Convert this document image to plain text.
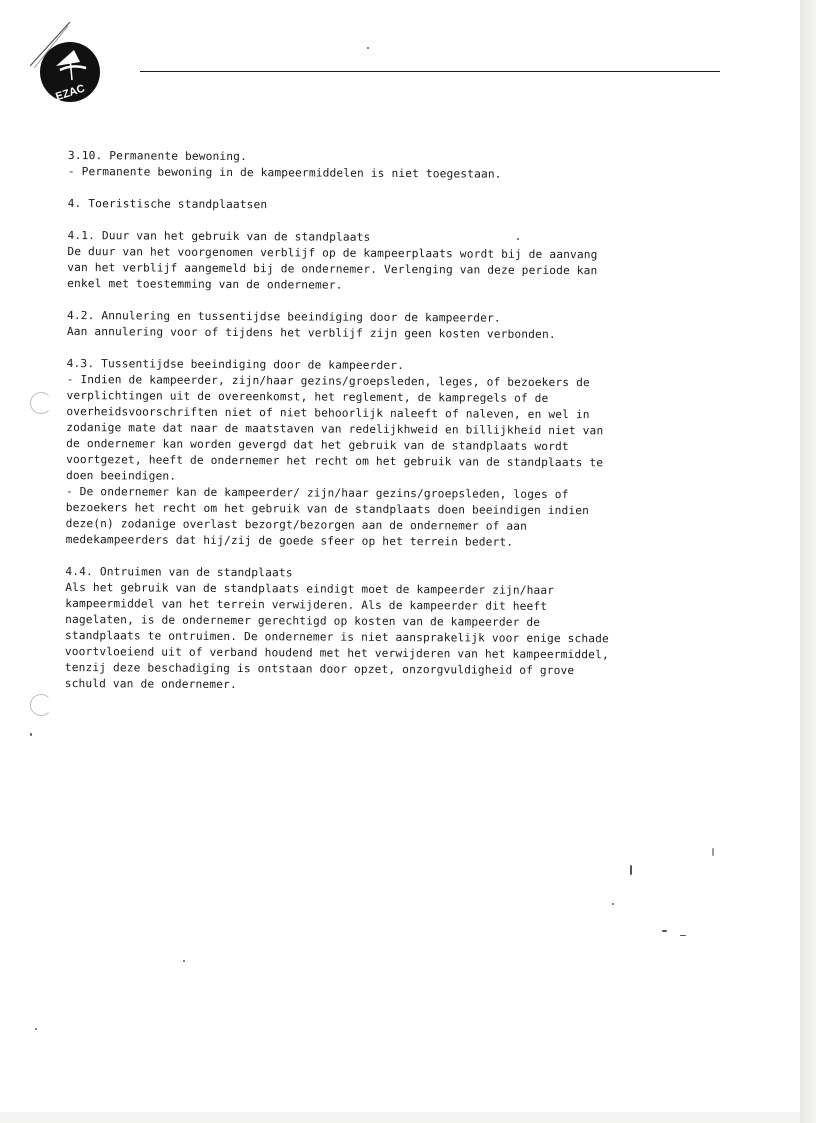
EZAC
3.10. Permanente bewoning.
- Permanente bewoning in de kampeermiddelen is niet toegestaan.
4. Toeristische standplaatsen
4.1. Duur van het gebruik van de standplaats
De duur van het voorgenomen verblijf op de kampeerplaats wordt bij de aanvang
van het verblijf aangemeld bij de ondernemer. Verlenging van deze periode kan
enkel met toestemming van de ondernemer.
4.2. Annulering en tussentijdse beeindiging door de kampeerder.
Aan annulering voor of tijdens het verblijf zijn geen kosten verbonden.
4.3. Tussentijdse beeindiging door de kampeerder.
- Indien de kampeerder, zijn/haar gezins/groepsleden, leges, of bezoekers de
verplichtingen uit de overeenkomst, het reglement, de kampregels of de
overheidsvoorschriften niet of niet behoorlijk naleeft of naleven, en wel in
zodanige mate dat naar de maatstaven van redelijkhweid en billijkheid niet van
de ondernemer kan worden gevergd dat het gebruik van de standplaats wordt
voortgezet, heeft de ondernemer het recht om het gebruik van de standplaats te
doen beeindigen.
- De ondernemer kan de kampeerder/ zijn/haar gezins/groepsleden, loges of
bezoekers het recht om het gebruik van de standplaats doen beeindigen indien
deze(n) zodanige overlast bezorgt/bezorgen aan de ondernemer of aan
medekampeerders dat hij/zij de goede sfeer op het terrein bedert.
4.4. Ontruimen van de standplaats
Als het gebruik van de standplaats eindigt moet de kampeerder zijn/haar
kampeermiddel van het terrein verwijderen. Als de kampeerder dit heeft
nagelaten, is de ondernemer gerechtigd op kosten van de kampeerder de
standplaats te ontruimen. De ondernemer is niet aansprakelijk voor enige schade
voortvloeiend uit of verband houdend met het verwijderen van het kampeermiddel,
tenzij deze beschadiging is ontstaan door opzet, onzorgvuldigheid of grove
schuld van de ondernemer.
